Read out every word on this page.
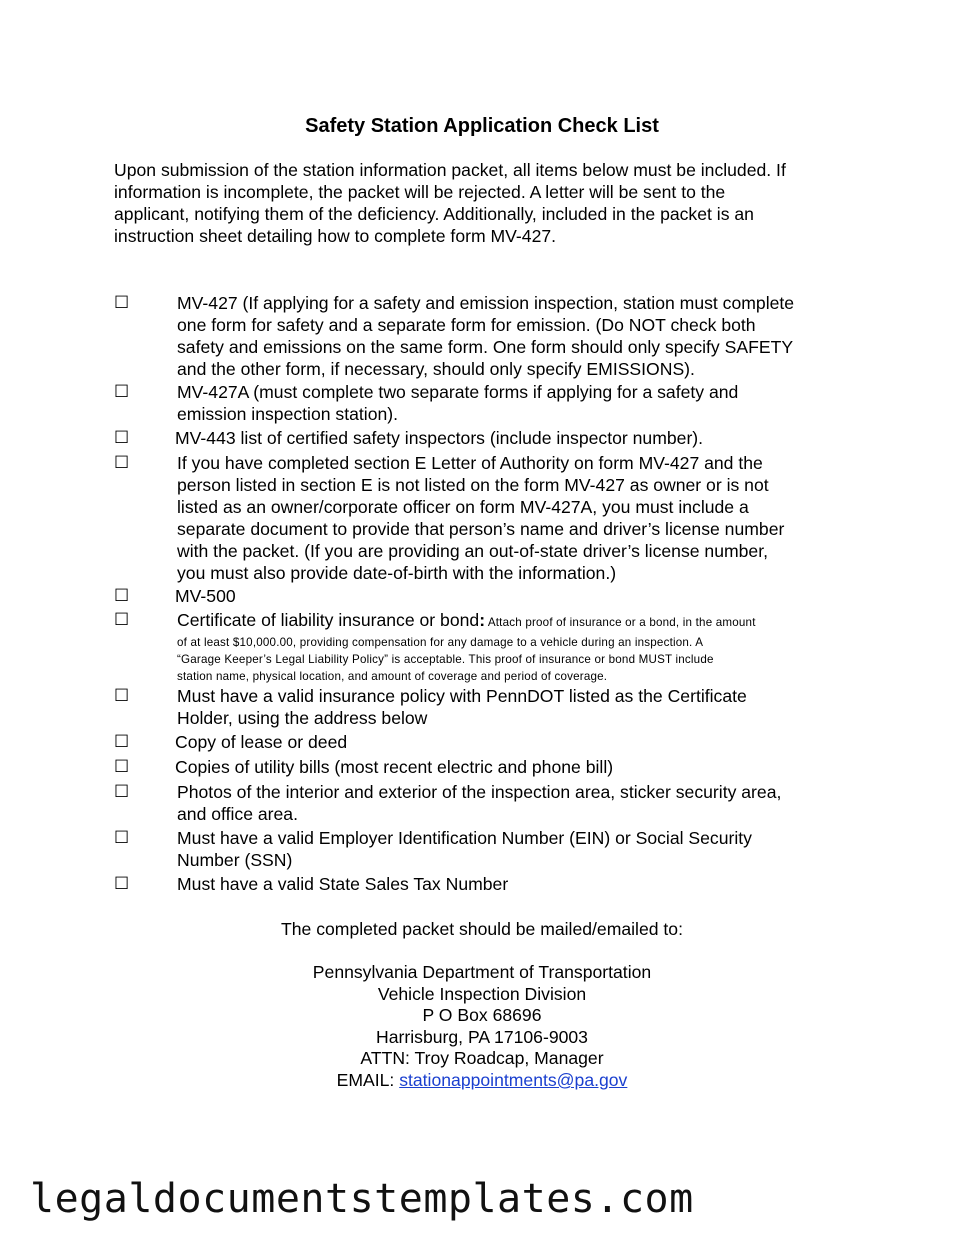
Safety Station Application Check List
Upon submission of the station information packet, all items below must be included. If
information is incomplete, the packet will be rejected. A letter will be sent to the
applicant, notifying them of the deficiency. Additionally, included in the packet is an
instruction sheet detailing how to complete form MV-427.
☐	MV-427 (If applying for a safety and emission inspection, station must complete
one form for safety and a separate form for emission. (Do NOT check both
safety and emissions on the same form. One form should only specify SAFETY
and the other form, if necessary, should only specify EMISSIONS).
☐	MV-427A (must complete two separate forms if applying for a safety and
emission inspection station).
☐	MV-443 list of certified safety inspectors (include inspector number).
☐	If you have completed section E Letter of Authority on form MV-427 and the
person listed in section E is not listed on the form MV-427 as owner or is not
listed as an owner/corporate officer on form MV-427A, you must include a
separate document to provide that person’s name and driver’s license number
with the packet. (If you are providing an out-of-state driver’s license number,
you must also provide date-of-birth with the information.)
☐	MV-500
☐	Certificate of liability insurance or bond: Attach proof of insurance or a bond, in the amount
of at least $10,000.00, providing compensation for any damage to a vehicle during an inspection. A
“Garage Keeper’s Legal Liability Policy” is acceptable. This proof of insurance or bond MUST include
station name, physical location, and amount of coverage and period of coverage.
☐	Must have a valid insurance policy with PennDOT listed as the Certificate
Holder, using the address below
☐	Copy of lease or deed
☐	Copies of utility bills (most recent electric and phone bill)
☐	Photos of the interior and exterior of the inspection area, sticker security area,
and office area.
☐	Must have a valid Employer Identification Number (EIN) or Social Security
Number (SSN)
☐	Must have a valid State Sales Tax Number
The completed packet should be mailed/emailed to:
Pennsylvania Department of Transportation
Vehicle Inspection Division
P O Box 68696
Harrisburg, PA 17106-9003
ATTN: Troy Roadcap, Manager
EMAIL: stationappointments@pa.gov
legaldocumentstemplates.com
